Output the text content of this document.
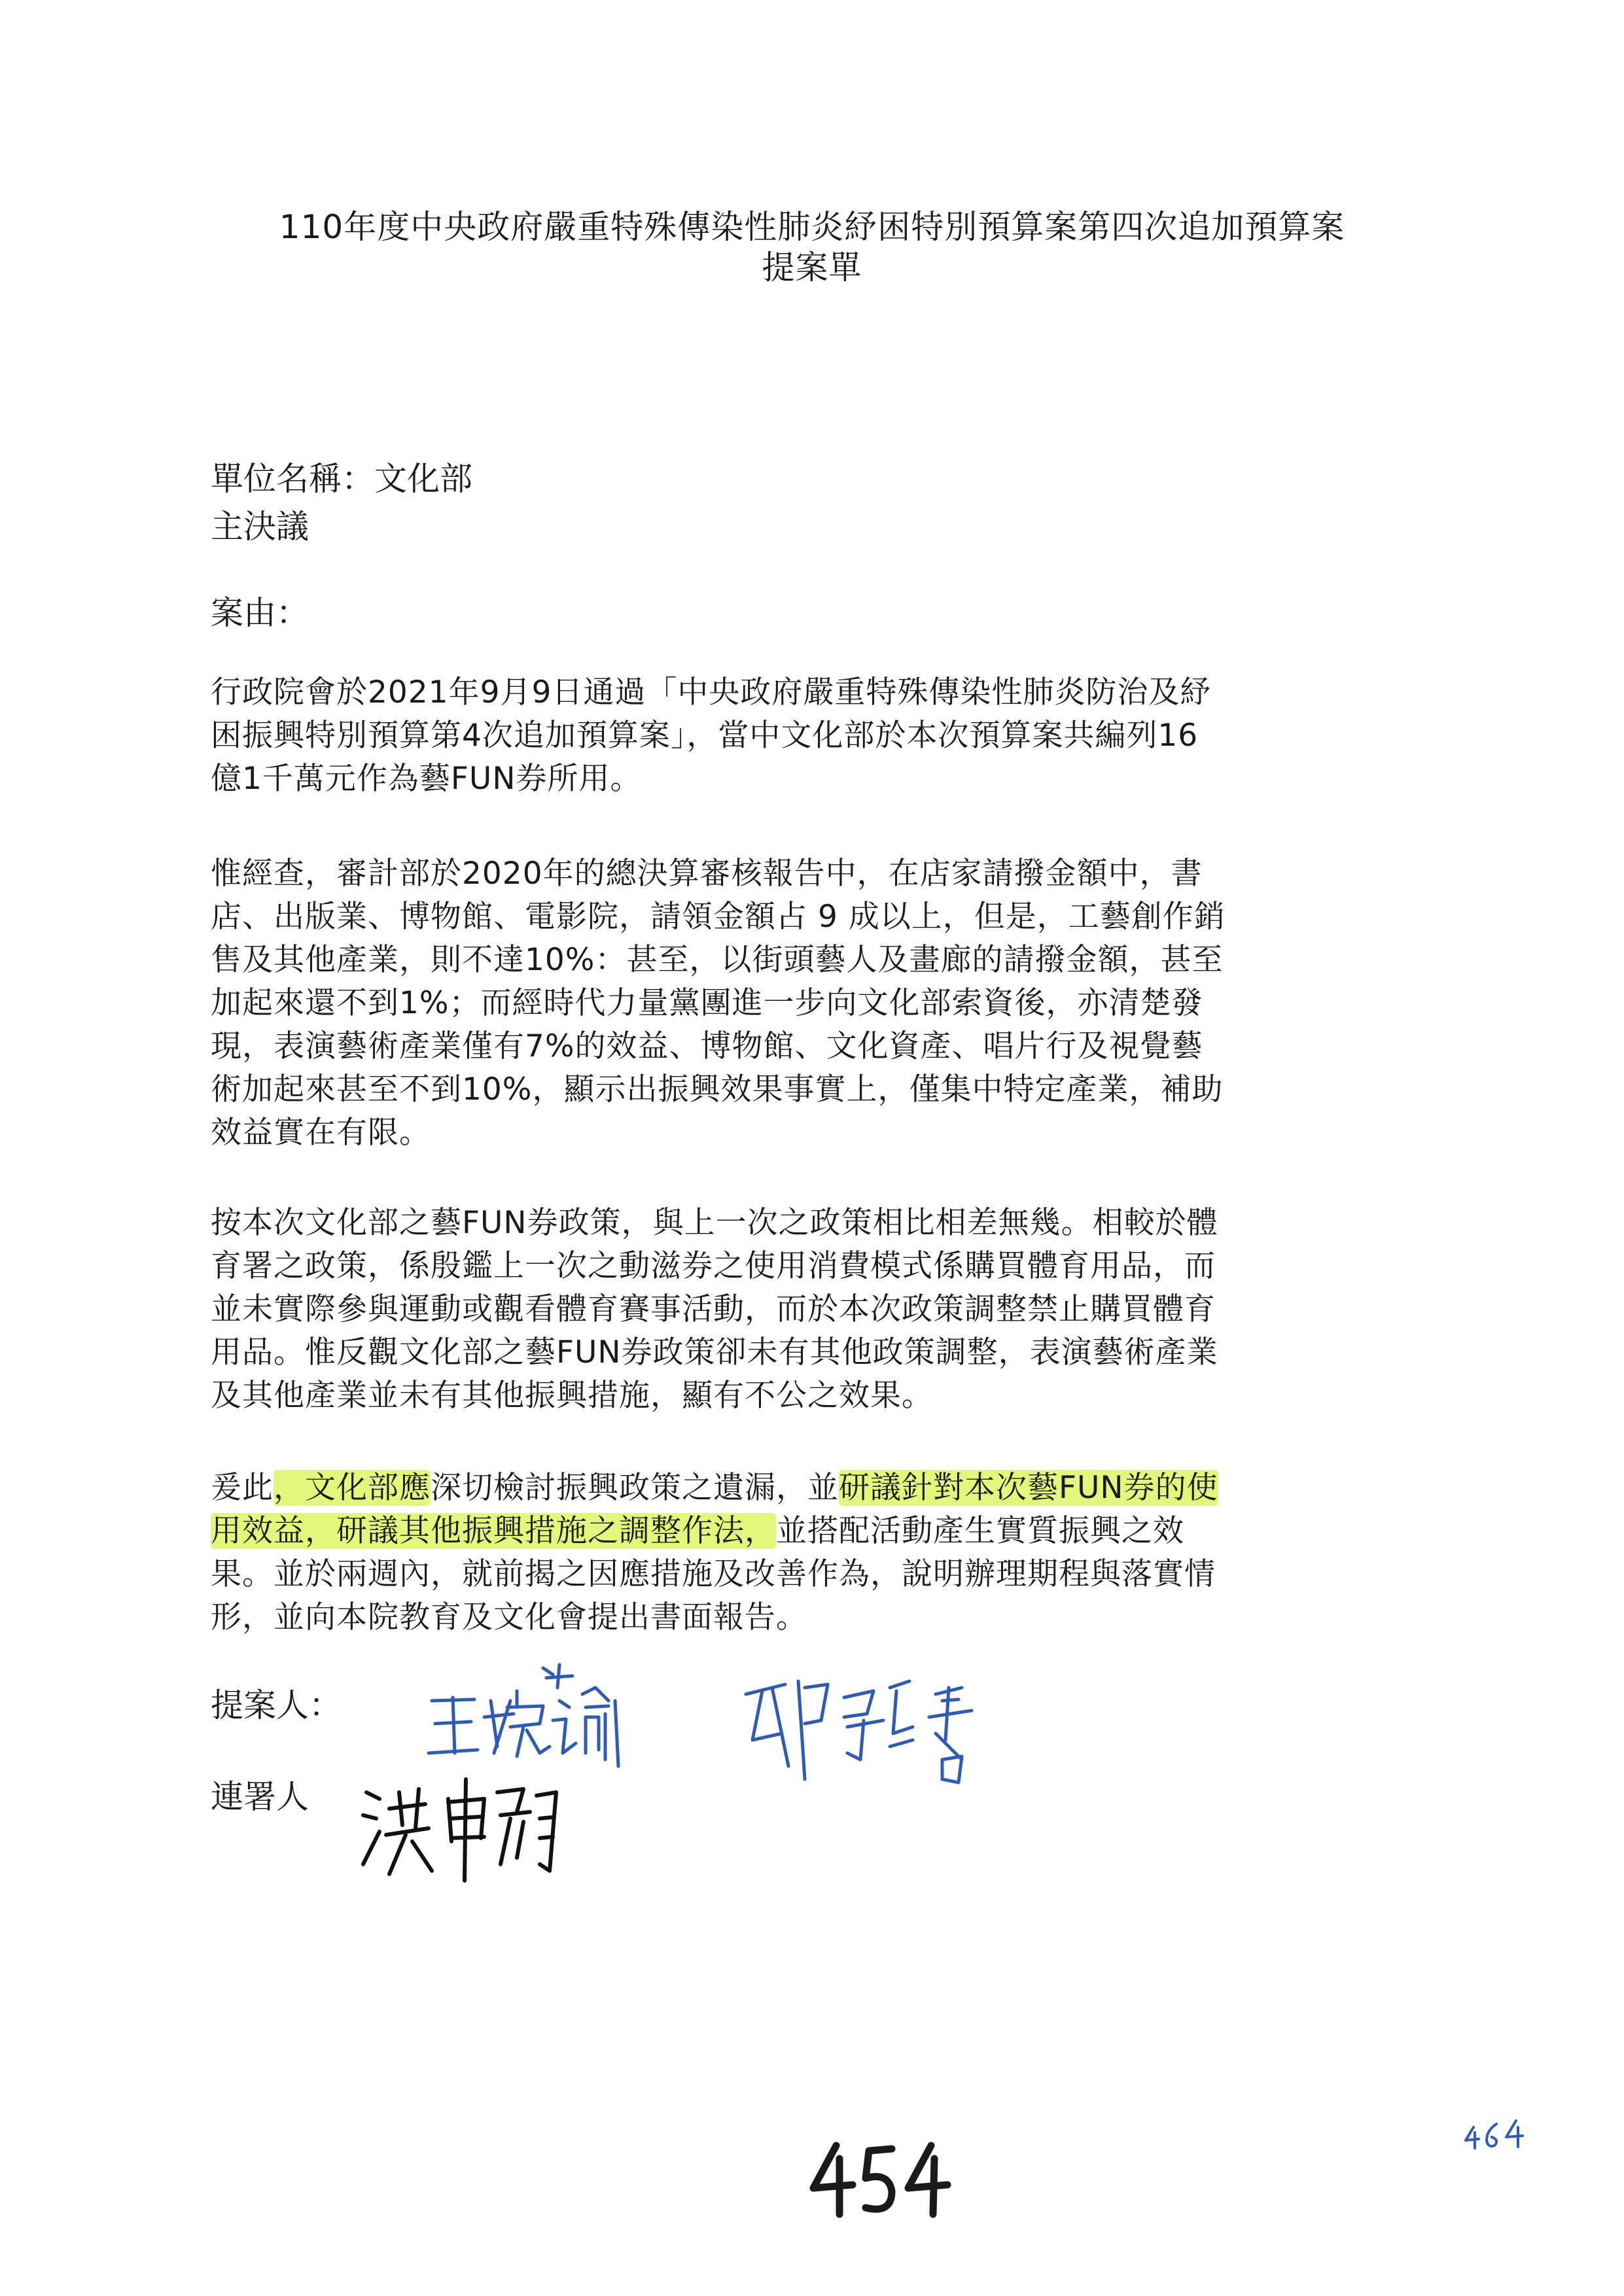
110年度中央政府嚴重特殊傳染性肺炎紓困特別預算案第四次追加預算案
提案單
單位名稱：文化部
主決議
案由：
行政院會於2021年9月9日通過「中央政府嚴重特殊傳染性肺炎防治及紓
困振興特別預算第4次追加預算案」，當中文化部於本次預算案共編列16
億1千萬元作為藝FUN券所用。
惟經查，審計部於2020年的總決算審核報告中，在店家請撥金額中，書
店、出版業、博物館、電影院，請領金額占 9 成以上，但是，工藝創作銷
售及其他產業，則不達10%：甚至，以街頭藝人及畫廊的請撥金額，甚至
加起來還不到1%；而經時代力量黨團進一步向文化部索資後，亦清楚發
現，表演藝術產業僅有7%的效益、博物館、文化資產、唱片行及視覺藝
術加起來甚至不到10%，顯示出振興效果事實上，僅集中特定產業，補助
效益實在有限。
按本次文化部之藝FUN券政策，與上一次之政策相比相差無幾。相較於體
育署之政策，係殷鑑上一次之動滋券之使用消費模式係購買體育用品，而
並未實際參與運動或觀看體育賽事活動，而於本次政策調整禁止購買體育
用品。惟反觀文化部之藝FUN券政策卻未有其他政策調整，表演藝術產業
及其他產業並未有其他振興措施，顯有不公之效果。
爰此，文化部應深切檢討振興政策之遺漏，並研議針對本次藝FUN券的使
用效益，研議其他振興措施之調整作法，並搭配活動產生實質振興之效
果。並於兩週內，就前揭之因應措施及改善作為，說明辦理期程與落實情
形，並向本院教育及文化會提出書面報告。
提案人：
連署人
